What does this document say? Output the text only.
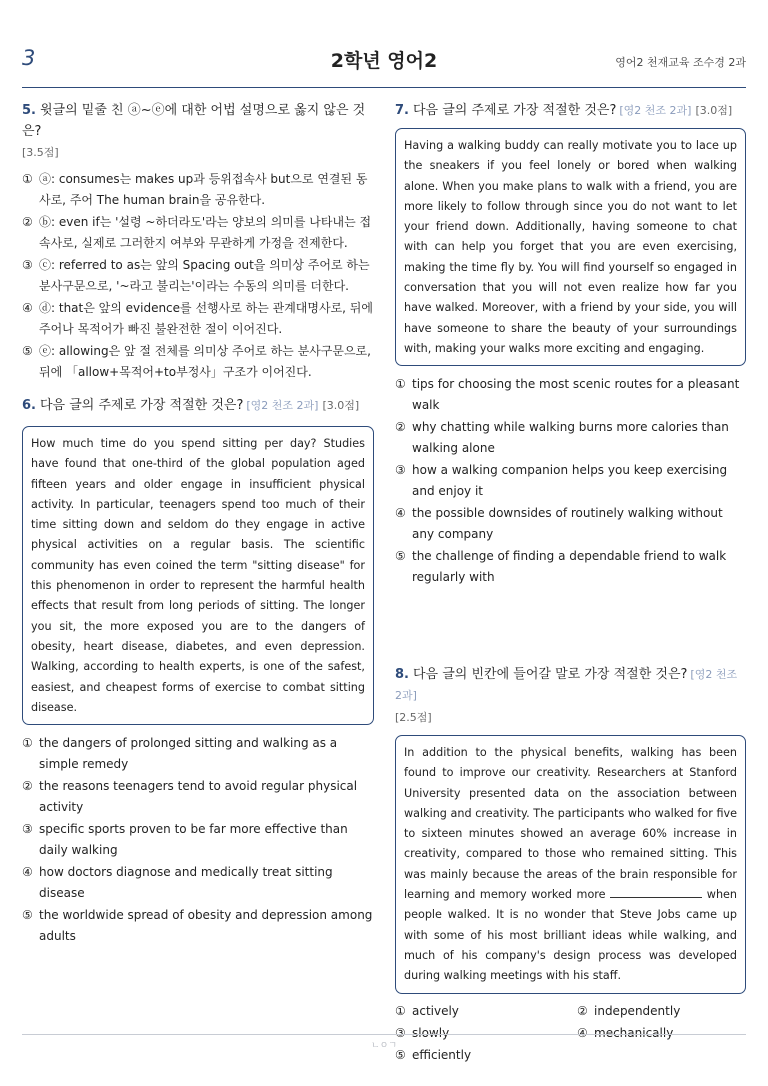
3	2학년 영어2	영어2 천재교육 조수경 2과
5. 윗글의 밑줄 친 ⓐ~ⓔ에 대한 어법 설명으로 옳지 않은 것은?
[3.5점]
① ⓐ: consumes는 makes up과 등위접속사 but으로 연결된 동사로, 주어 The human brain을 공유한다.
② ⓑ: even if는 '설령 ~하더라도'라는 양보의 의미를 나타내는 접속사로, 실제로 그러한지 여부와 무관하게 가정을 전제한다.
③ ⓒ: referred to as는 앞의 Spacing out을 의미상 주어로 하는 분사구문으로, '~라고 불리는'이라는 수동의 의미를 더한다.
④ ⓓ: that은 앞의 evidence를 선행사로 하는 관계대명사로, 뒤에 주어나 목적어가 빠진 불완전한 절이 이어진다.
⑤ ⓔ: allowing은 앞 절 전체를 의미상 주어로 하는 분사구문으로, 뒤에 「allow+목적어+to부정사」구조가 이어진다.
6. 다음 글의 주제로 가장 적절한 것은? [영2 천조 2과] [3.0점]
How much time do you spend sitting per day? Studies have found that one-third of the global population aged fifteen years and older engage in insufficient physical activity. In particular, teenagers spend too much of their time sitting down and seldom do they engage in active physical activities on a regular basis. The scientific community has even coined the term "sitting disease" for this phenomenon in order to represent the harmful health effects that result from long periods of sitting. The longer you sit, the more exposed you are to the dangers of obesity, heart disease, diabetes, and even depression. Walking, according to health experts, is one of the safest, easiest, and cheapest forms of exercise to combat sitting disease.
① the dangers of prolonged sitting and walking as a simple remedy
② the reasons teenagers tend to avoid regular physical activity
③ specific sports proven to be far more effective than daily walking
④ how doctors diagnose and medically treat sitting disease
⑤ the worldwide spread of obesity and depression among adults
7. 다음 글의 주제로 가장 적절한 것은? [영2 천조 2과] [3.0점]
Having a walking buddy can really motivate you to lace up the sneakers if you feel lonely or bored when walking alone. When you make plans to walk with a friend, you are more likely to follow through since you do not want to let your friend down. Additionally, having someone to chat with can help you forget that you are even exercising, making the time fly by. You will find yourself so engaged in conversation that you will not even realize how far you have walked. Moreover, with a friend by your side, you will have someone to share the beauty of your surroundings with, making your walks more exciting and engaging.
① tips for choosing the most scenic routes for a pleasant walk
② why chatting while walking burns more calories than walking alone
③ how a walking companion helps you keep exercising and enjoy it
④ the possible downsides of routinely walking without any company
⑤ the challenge of finding a dependable friend to walk regularly with
8. 다음 글의 빈칸에 들어갈 말로 가장 적절한 것은? [영2 천조 2과]
[2.5점]
In addition to the physical benefits, walking has been found to improve our creativity. Researchers at Stanford University presented data on the association between walking and creativity. The participants who walked for five to sixteen minutes showed an average 60% increase in creativity, compared to those who remained sitting. This was mainly because the areas of the brain responsible for learning and memory worked more	when people walked. It is no wonder that Steve Jobs came up with some of his most brilliant ideas while walking, and much of his company's design process was developed during walking meetings with his staff.
① actively	② independently
③ slowly	④ mechanically
⑤ efficiently
ㄴㅇㄱ
